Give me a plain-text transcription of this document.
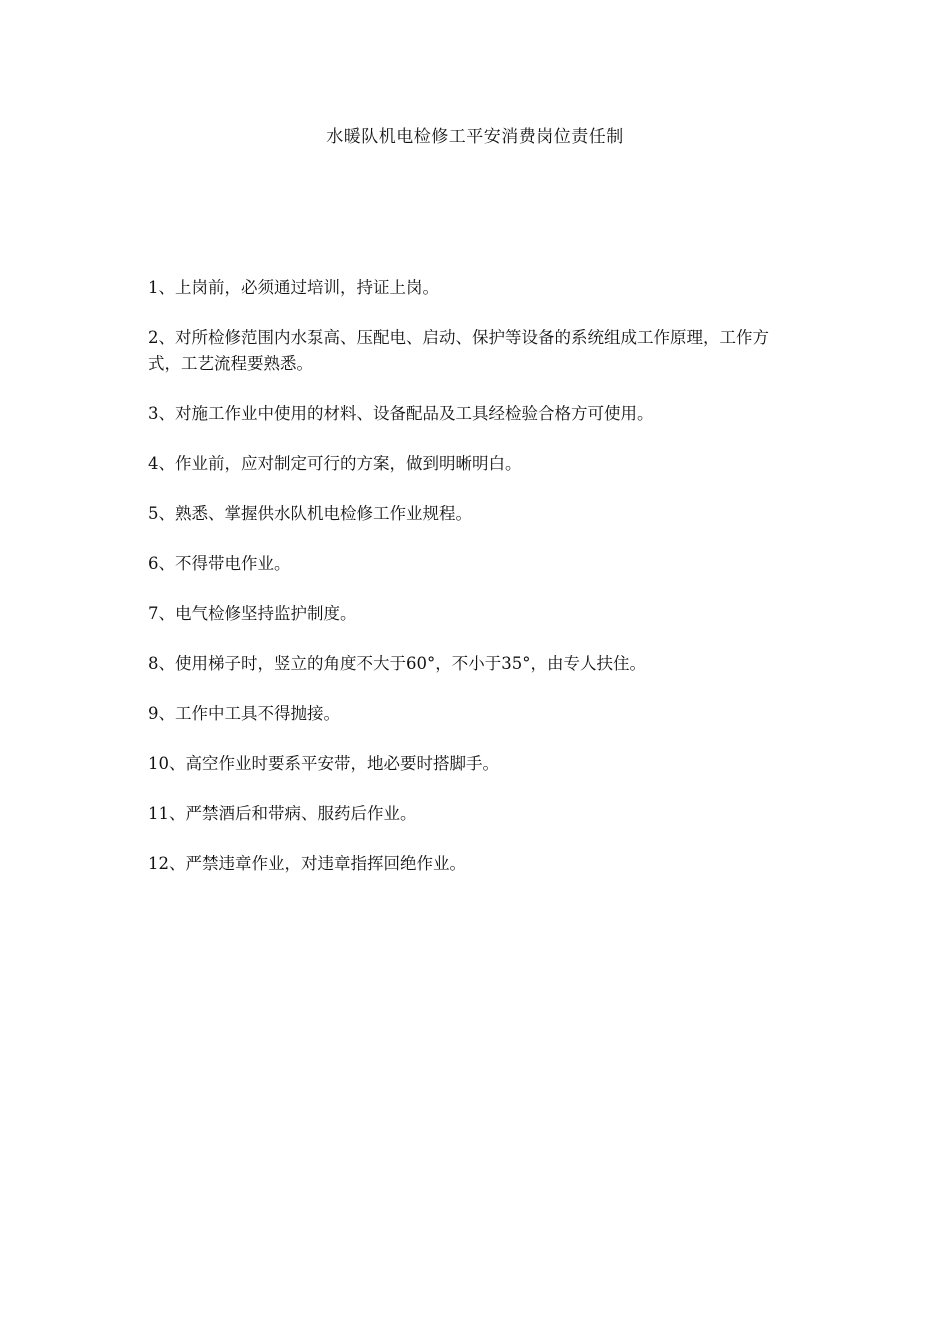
水暖队机电检修工平安消费岗位责任制
1、上岗前，必须通过培训，持证上岗。
2、对所检修范围内水泵高、压配电、启动、保护等设备的系统组成工作原理，工作方式，工艺流程要熟悉。
3、对施工作业中使用的材料、设备配品及工具经检验合格方可使用。
4、作业前，应对制定可行的方案，做到明晰明白。
5、熟悉、掌握供水队机电检修工作业规程。
6、不得带电作业。
7、电气检修坚持监护制度。
8、使用梯子时，竖立的角度不大于60°，不小于35°，由专人扶住。
9、工作中工具不得抛接。
10、高空作业时要系平安带，地必要时搭脚手。
11、严禁酒后和带病、服药后作业。
12、严禁违章作业，对违章指挥回绝作业。
